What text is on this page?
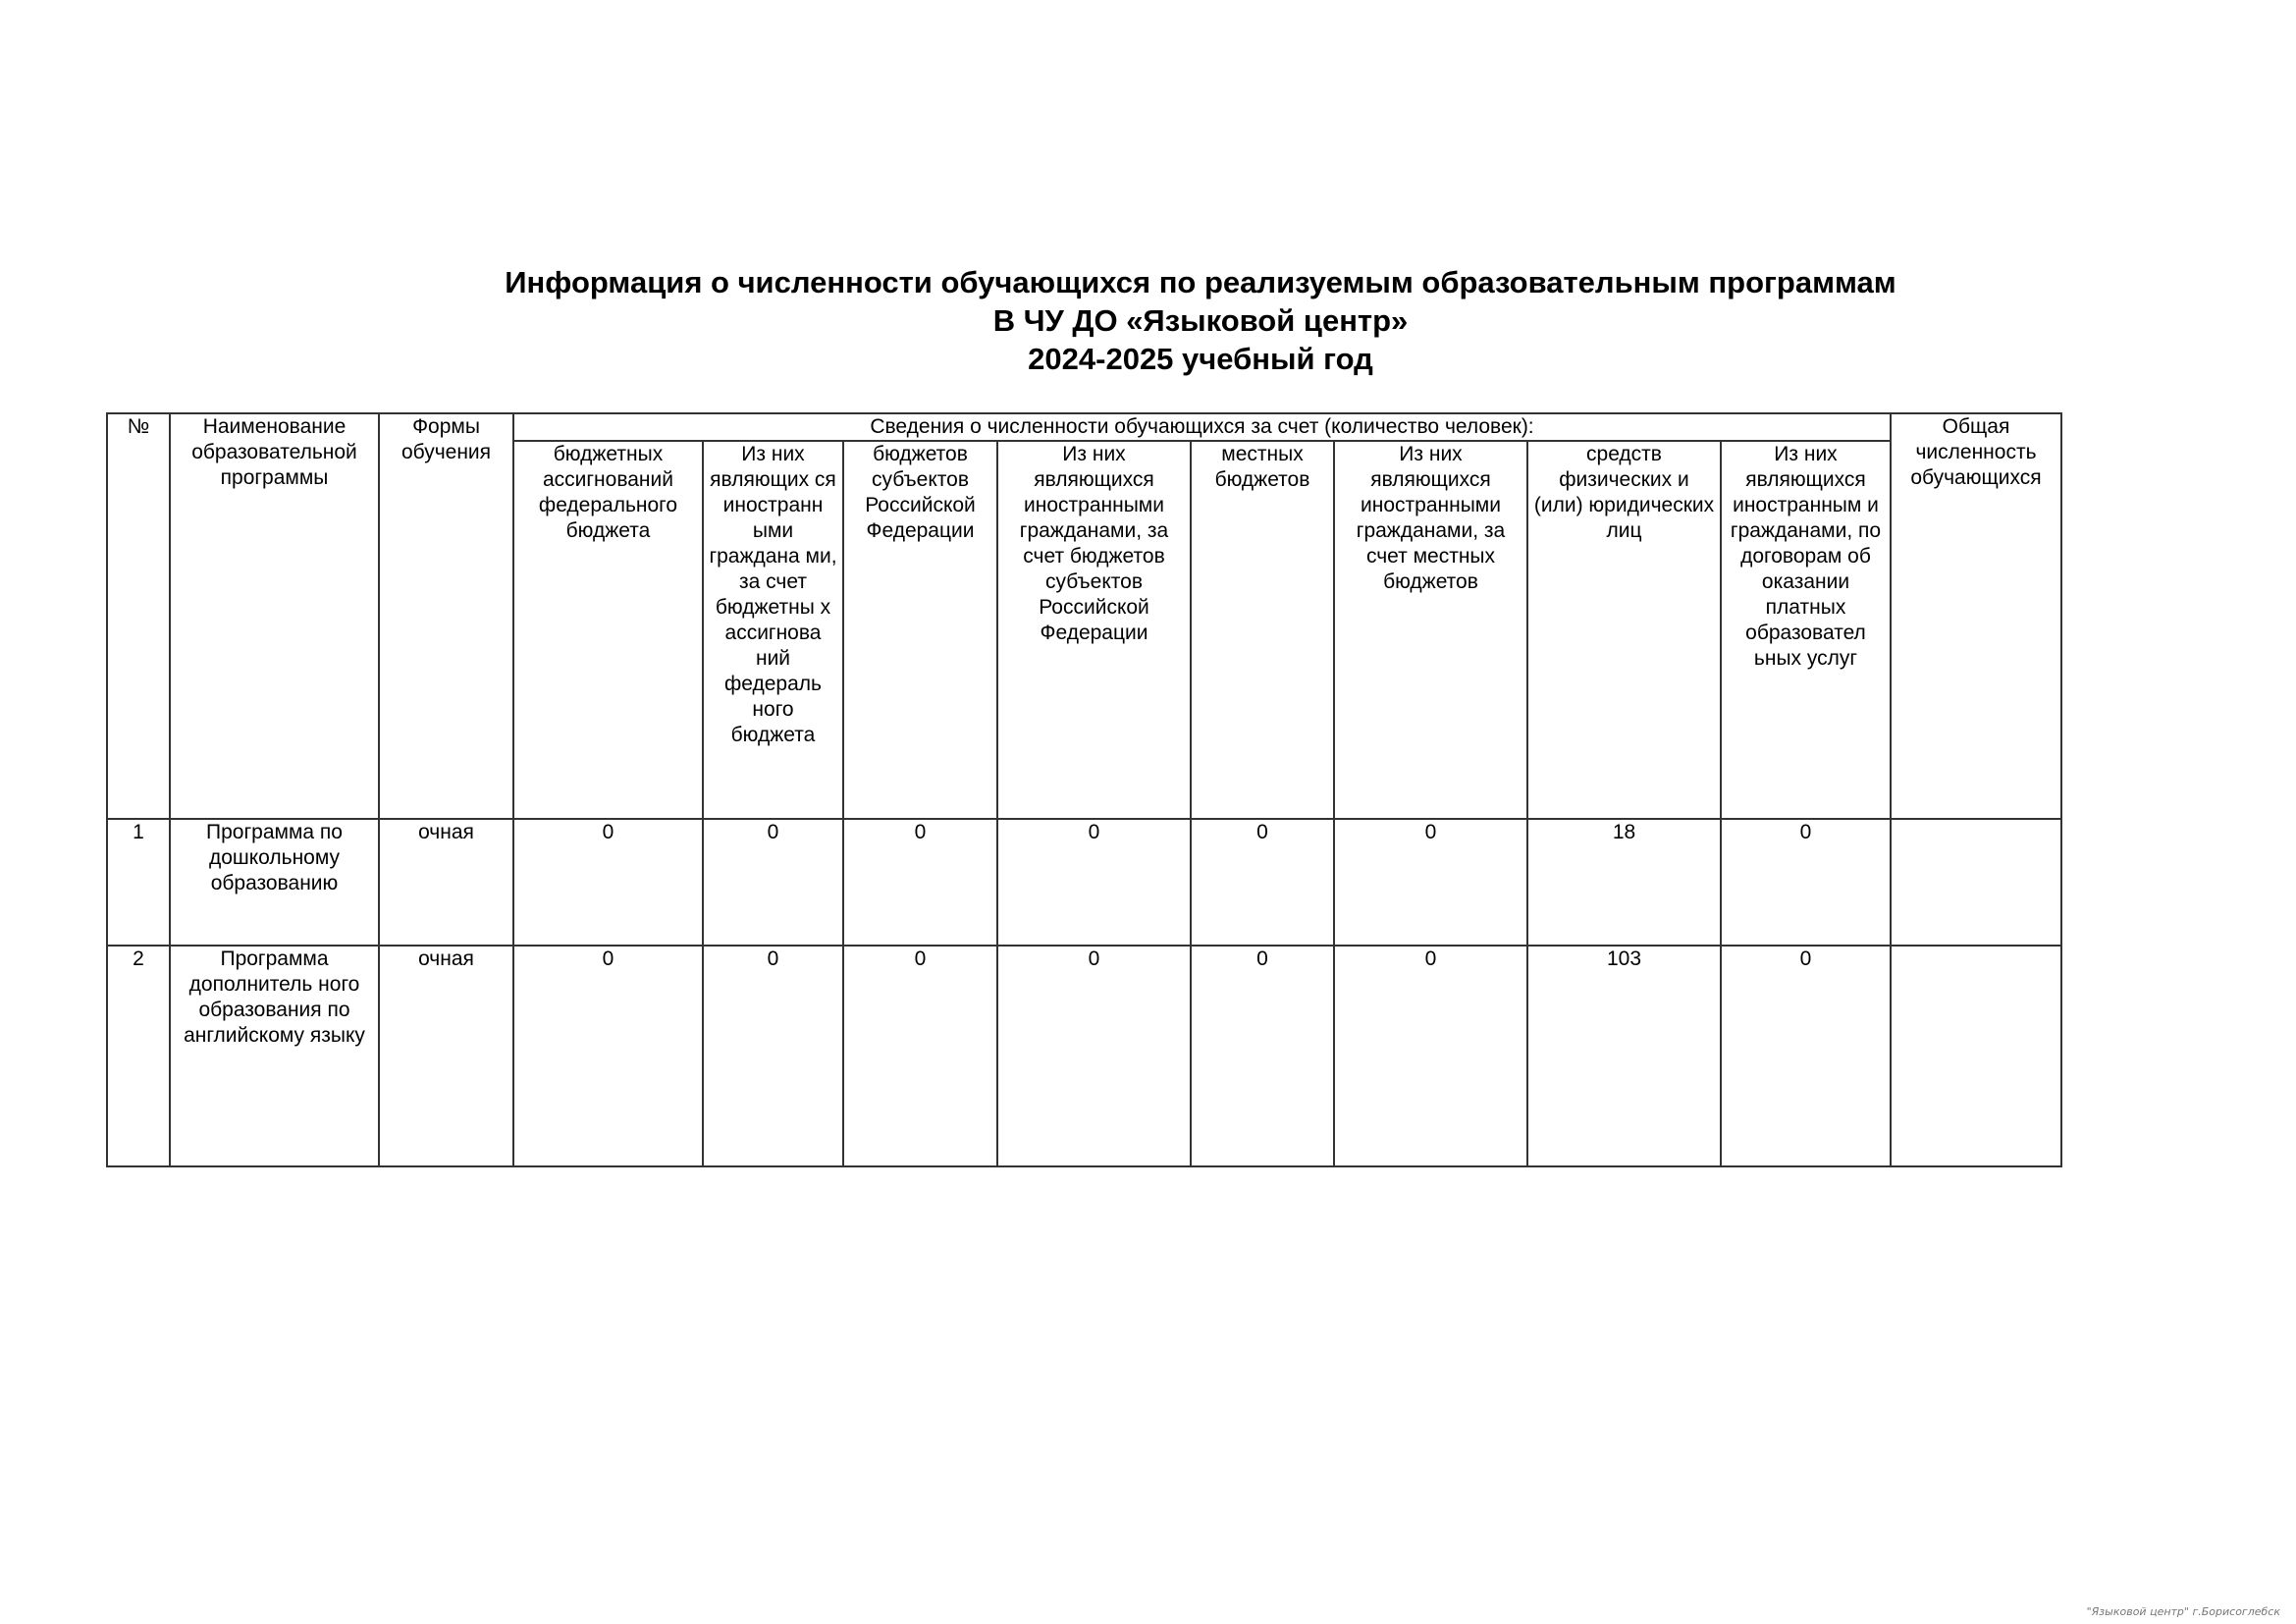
Информация о численности обучающихся по реализуемым образовательным программам
В ЧУ ДО «Языковой центр»
2024-2025 учебный год
№	Наименование образовательной программы	Формы обучения	Сведения о численности обучающихся за счет (количество человек):								Общая численность обучающихся
			бюджетных ассигнований федерального бюджета	Из них являющих ся иностранн ыми граждана ми, за счет бюджетны х ассигнова ний федераль ного бюджета	бюджетов субъектов Российской Федерации	Из них являющихся иностранными гражданами, за счет бюджетов субъектов Российской Федерации	местных бюджетов	Из них являющихся иностранными гражданами, за счет местных бюджетов	средств физических и (или) юридических лиц	Из них являющихся иностранным и гражданами, по договорам об оказании платных образовател ьных услуг	
1	Программа по дошкольному образованию	очная	0	0	0	0	0	0	18	0	
2	Программа дополнитель ного образования по английскому языку	очная	0	0	0	0	0	0	103	0	
"Языковой центр" г.Борисоглебск
